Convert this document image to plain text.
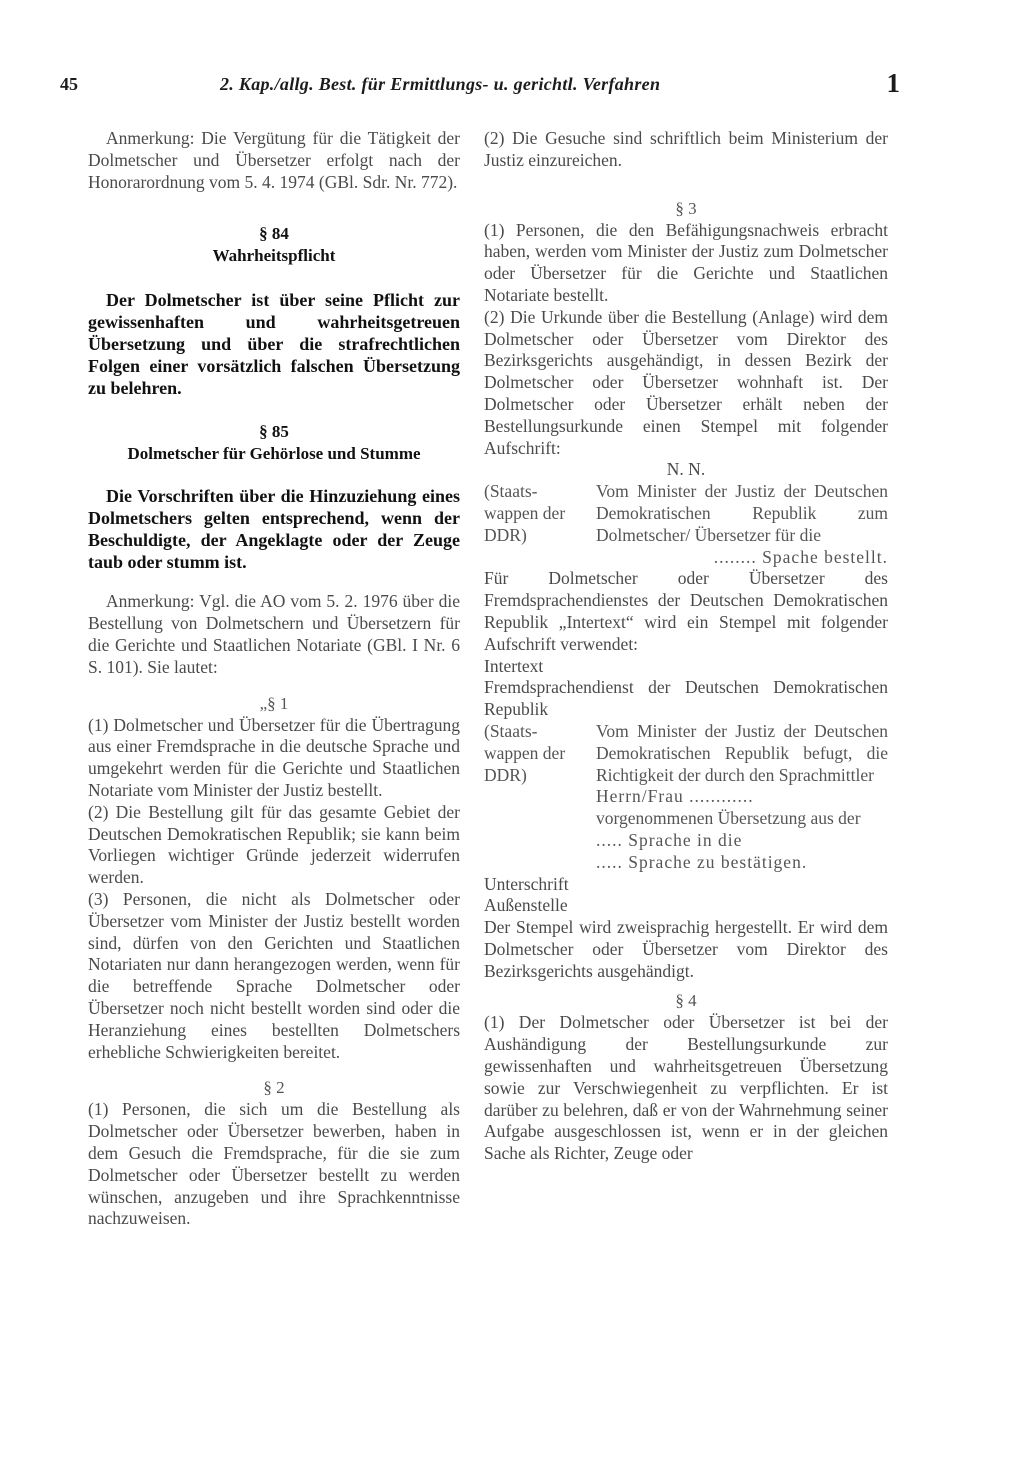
45	2. Kap./allg. Best. für Ermittlungs- u. gerichtl. Verfahren	1

Anmerkung: Die Vergütung für die Tätigkeit der Dolmetscher und Übersetzer erfolgt nach der Honorarordnung vom 5. 4. 1974 (GBl. Sdr. Nr. 772).

§ 84

Wahrheitspflicht

Der Dolmetscher ist über seine Pflicht zur gewissenhaften und wahrheitsgetreuen Übersetzung und über die strafrechtlichen Folgen einer vorsätzlich falschen Übersetzung zu belehren.

§ 85

Dolmetscher für Gehörlose und Stumme

Die Vorschriften über die Hinzuziehung eines Dolmetschers gelten entsprechend, wenn der Beschuldigte, der Angeklagte oder der Zeuge taub oder stumm ist.

Anmerkung: Vgl. die AO vom 5. 2. 1976 über die Bestellung von Dolmetschern und Übersetzern für die Gerichte und Staatlichen Notariate (GBl. I Nr. 6 S. 101). Sie lautet:

„§ 1

(1) Dolmetscher und Übersetzer für die Übertragung aus einer Fremdsprache in die deutsche Sprache und umgekehrt werden für die Gerichte und Staatlichen Notariate vom Minister der Justiz bestellt.

(2) Die Bestellung gilt für das gesamte Gebiet der Deutschen Demokratischen Republik; sie kann beim Vorliegen wichtiger Gründe jederzeit widerrufen werden.

(3) Personen, die nicht als Dolmetscher oder Übersetzer vom Minister der Justiz bestellt worden sind, dürfen von den Gerichten und Staatlichen Notariaten nur dann herangezogen werden, wenn für die betreffende Sprache Dolmetscher oder Übersetzer noch nicht bestellt worden sind oder die Heranziehung eines bestellten Dolmetschers erhebliche Schwierigkeiten bereitet.

§ 2

(1) Personen, die sich um die Bestellung als Dolmetscher oder Übersetzer bewerben, haben in dem Gesuch die Fremdsprache, für die sie zum Dolmetscher oder Übersetzer bestellt zu werden wünschen, anzugeben und ihre Sprachkenntnisse nachzuweisen.

(2) Die Gesuche sind schriftlich beim Ministerium der Justiz einzureichen.

§ 3

(1) Personen, die den Befähigungsnachweis erbracht haben, werden vom Minister der Justiz zum Dolmetscher oder Übersetzer für die Gerichte und Staatlichen Notariate bestellt.

(2) Die Urkunde über die Bestellung (Anlage) wird dem Dolmetscher oder Übersetzer vom Direktor des Bezirksgerichts ausgehändigt, in dessen Bezirk der Dolmetscher oder Übersetzer wohnhaft ist. Der Dolmetscher oder Übersetzer erhält neben der Bestellungsurkunde einen Stempel mit folgender Aufschrift:

N. N.

(Staats- wappen der DDR)

Vom Minister der Justiz der Deutschen Demokratischen Republik zum Dolmetscher/ Übersetzer für die

........ Spache bestellt.

Für Dolmetscher oder Übersetzer des Fremdsprachendienstes der Deutschen Demokratischen Republik „Intertext“ wird ein Stempel mit folgender Aufschrift verwendet:

Intertext

Fremdsprachendienst der Deutschen Demokratischen Republik

(Staats- wappen der DDR)

Vom Minister der Justiz der Deutschen Demokratischen Republik befugt, die Richtigkeit der durch den Sprachmittler

Herrn/Frau ............

vorgenommenen Übersetzung aus der

..... Sprache in die

..... Sprache zu bestätigen.

Unterschrift

Außenstelle

Der Stempel wird zweisprachig hergestellt. Er wird dem Dolmetscher oder Übersetzer vom Direktor des Bezirksgerichts ausgehändigt.

§ 4

(1) Der Dolmetscher oder Übersetzer ist bei der Aushändigung der Bestellungsurkunde zur gewissenhaften und wahrheitsgetreuen Übersetzung sowie zur Verschwiegenheit zu verpflichten. Er ist darüber zu belehren, daß er von der Wahrnehmung seiner Aufgabe ausgeschlossen ist, wenn er in der gleichen Sache als Richter, Zeuge oder
